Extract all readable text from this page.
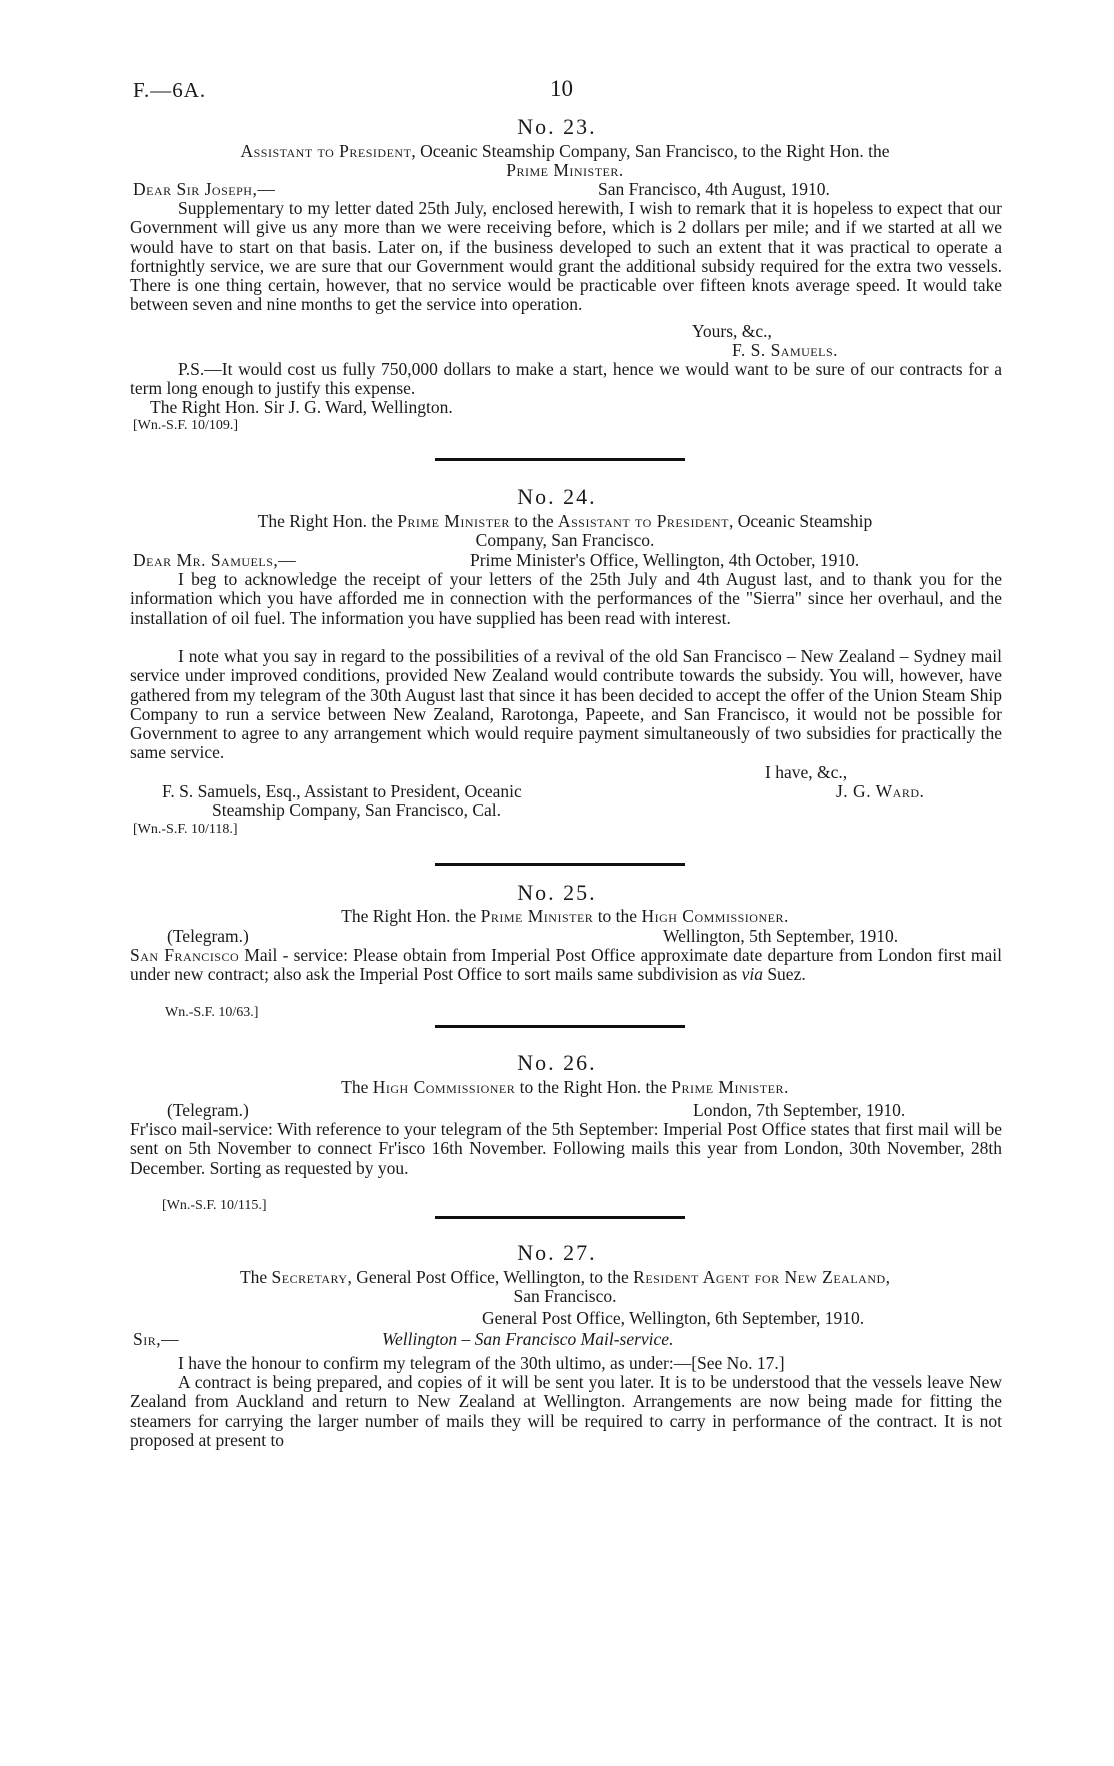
F.—6A.	10
No. 23.
Assistant to President, Oceanic Steamship Company, San Francisco, to the Right Hon. the
Prime Minister.
Dear Sir Joseph,—	San Francisco, 4th August, 1910.

Supplementary to my letter dated 25th July, enclosed herewith, I wish to remark that it is hopeless to expect that our Government will give us any more than we were receiving before, which is 2 dollars per mile; and if we started at all we would have to start on that basis. Later on, if the business developed to such an extent that it was practical to operate a fortnightly service, we are sure that our Government would grant the additional subsidy required for the extra two vessels. There is one thing certain, however, that no service would be practicable over fifteen knots average speed. It would take between seven and nine months to get the service into operation.

Yours, &c.,
F. S. Samuels.

P.S.—It would cost us fully 750,000 dollars to make a start, hence we would want to be sure of our contracts for a term long enough to justify this expense.

The Right Hon. Sir J. G. Ward, Wellington.
[Wn.-S.F. 10/109.]
No. 24.
The Right Hon. the Prime Minister to the Assistant to President, Oceanic Steamship
Company, San Francisco.
Dear Mr. Samuels,—	Prime Minister's Office, Wellington, 4th October, 1910.

I beg to acknowledge the receipt of your letters of the 25th July and 4th August last, and to thank you for the information which you have afforded me in connection with the performances of the "Sierra" since her overhaul, and the installation of oil fuel. The information you have supplied has been read with interest.

I note what you say in regard to the possibilities of a revival of the old San Francisco – New Zealand – Sydney mail service under improved conditions, provided New Zealand would contribute towards the subsidy. You will, however, have gathered from my telegram of the 30th August last that since it has been decided to accept the offer of the Union Steam Ship Company to run a service between New Zealand, Rarotonga, Papeete, and San Francisco, it would not be possible for Government to agree to any arrangement which would require payment simultaneously of two subsidies for practically the same service.

I have, &c.,
F. S. Samuels, Esq., Assistant to President, Oceanic	J. G. Ward.
Steamship Company, San Francisco, Cal.
[Wn.-S.F. 10/118.]
No. 25.
The Right Hon. the Prime Minister to the High Commissioner.
(Telegram.)	Wellington, 5th September, 1910.

San Francisco Mail - service: Please obtain from Imperial Post Office approximate date departure from London first mail under new contract; also ask the Imperial Post Office to sort mails same subdivision as via Suez.

Wn.-S.F. 10/63.]
No. 26.
The High Commissioner to the Right Hon. the Prime Minister.
(Telegram.)	London, 7th September, 1910.

Fr'isco mail-service: With reference to your telegram of the 5th September: Imperial Post Office states that first mail will be sent on 5th November to connect Fr'isco 16th November. Following mails this year from London, 30th November, 28th December. Sorting as requested by you.

[Wn.-S.F. 10/115.]
No. 27.
The Secretary, General Post Office, Wellington, to the Resident Agent for New Zealand,
San Francisco.
General Post Office, Wellington, 6th September, 1910.
Sir,—	Wellington – San Francisco Mail-service.

I have the honour to confirm my telegram of the 30th ultimo, as under:—[See No. 17.]

A contract is being prepared, and copies of it will be sent you later. It is to be understood that the vessels leave New Zealand from Auckland and return to New Zealand at Wellington. Arrangements are now being made for fitting the steamers for carrying the larger number of mails they will be required to carry in performance of the contract. It is not proposed at present to
